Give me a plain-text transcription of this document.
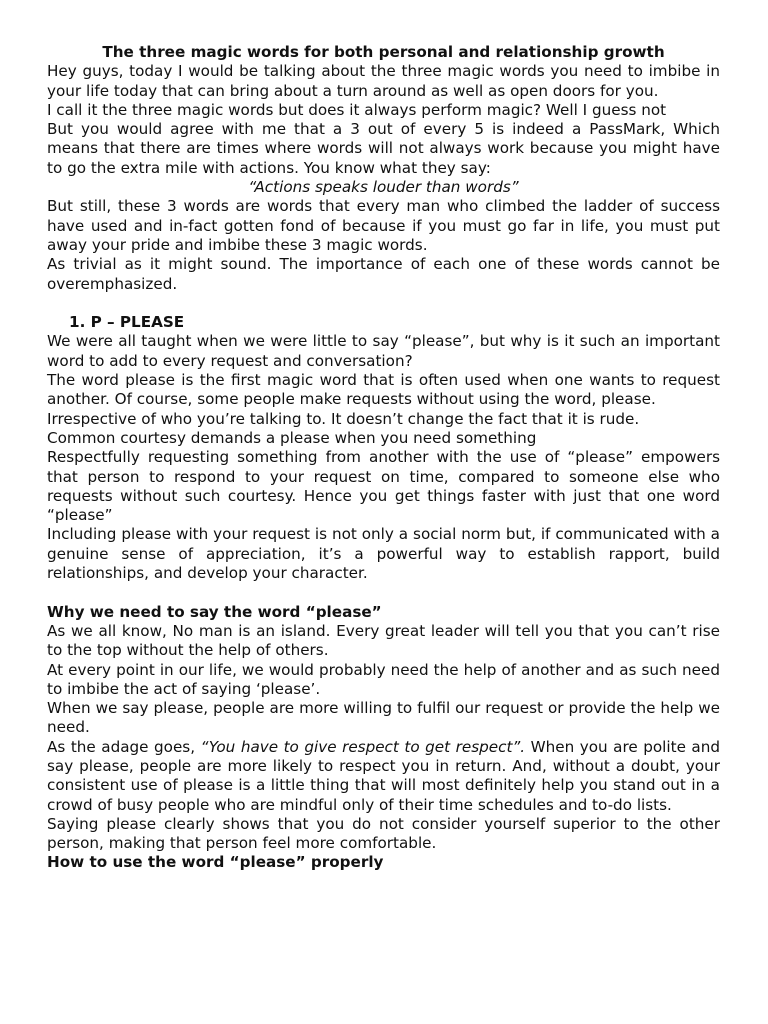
The three magic words for both personal and relationship growth

Hey guys, today I would be talking about the three magic words you need to imbibe in your life today that can bring about a turn around as well as open doors for you.

I call it the three magic words but does it always perform magic? Well I guess not

But you would agree with me that a 3 out of every 5 is indeed a PassMark, Which means that there are times where words will not always work because you might have to go the extra mile with actions. You know what they say:

“Actions speaks louder than words”

But still, these 3 words are words that every man who climbed the ladder of success have used and in-fact gotten fond of because if you must go far in life, you must put away your pride and imbibe these 3 magic words.

As trivial as it might sound. The importance of each one of these words cannot be overemphasized.

1. P – PLEASE

We were all taught when we were little to say “please”, but why is it such an important word to add to every request and conversation?

The word please is the first magic word that is often used when one wants to request another. Of course, some people make requests without using the word, please.

Irrespective of who you’re talking to. It doesn’t change the fact that it is rude.

Common courtesy demands a please when you need something

Respectfully requesting something from another with the use of “please” empowers that person to respond to your request on time, compared to someone else who requests without such courtesy. Hence you get things faster with just that one word “please”

Including please with your request is not only a social norm but, if communicated with a genuine sense of appreciation, it’s a powerful way to establish rapport, build relationships, and develop your character.

Why we need to say the word “please”

As we all know, No man is an island. Every great leader will tell you that you can’t rise to the top without the help of others.

At every point in our life, we would probably need the help of another and as such need to imbibe the act of saying ‘please’.

When we say please, people are more willing to fulfil our request or provide the help we need.

As the adage goes, “You have to give respect to get respect”. When you are polite and say please, people are more likely to respect you in return. And, without a doubt, your consistent use of please is a little thing that will most definitely help you stand out in a crowd of busy people who are mindful only of their time schedules and to-do lists.

Saying please clearly shows that you do not consider yourself superior to the other person, making that person feel more comfortable.

How to use the word “please” properly
